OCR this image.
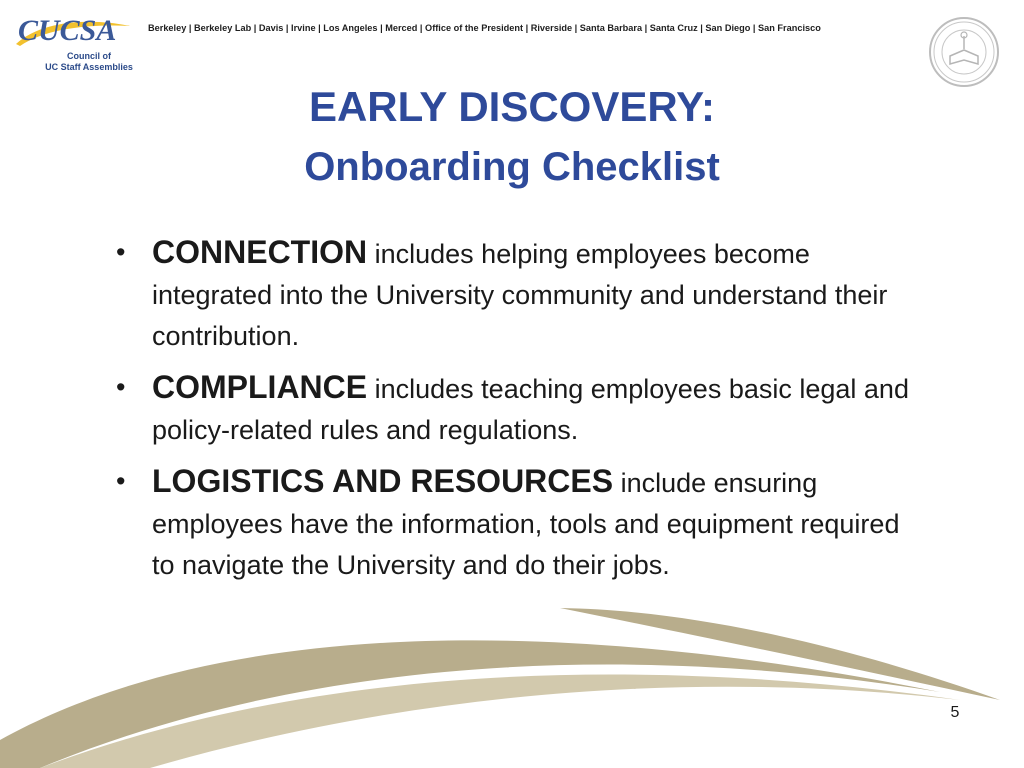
CUCSA
Council of
UC Staff Assemblies
Berkeley | Berkeley Lab | Davis | Irvine | Los Angeles | Merced | Office of the President | Riverside | Santa Barbara | Santa Cruz | San Diego | San Francisco
EARLY DISCOVERY:
Onboarding Checklist
• CONNECTION includes helping employees become integrated into the University community and understand their contribution.
• COMPLIANCE includes teaching employees basic legal and policy-related rules and regulations.
• LOGISTICS AND RESOURCES include ensuring employees have the information, tools and equipment required to navigate the University and do their jobs.
5
